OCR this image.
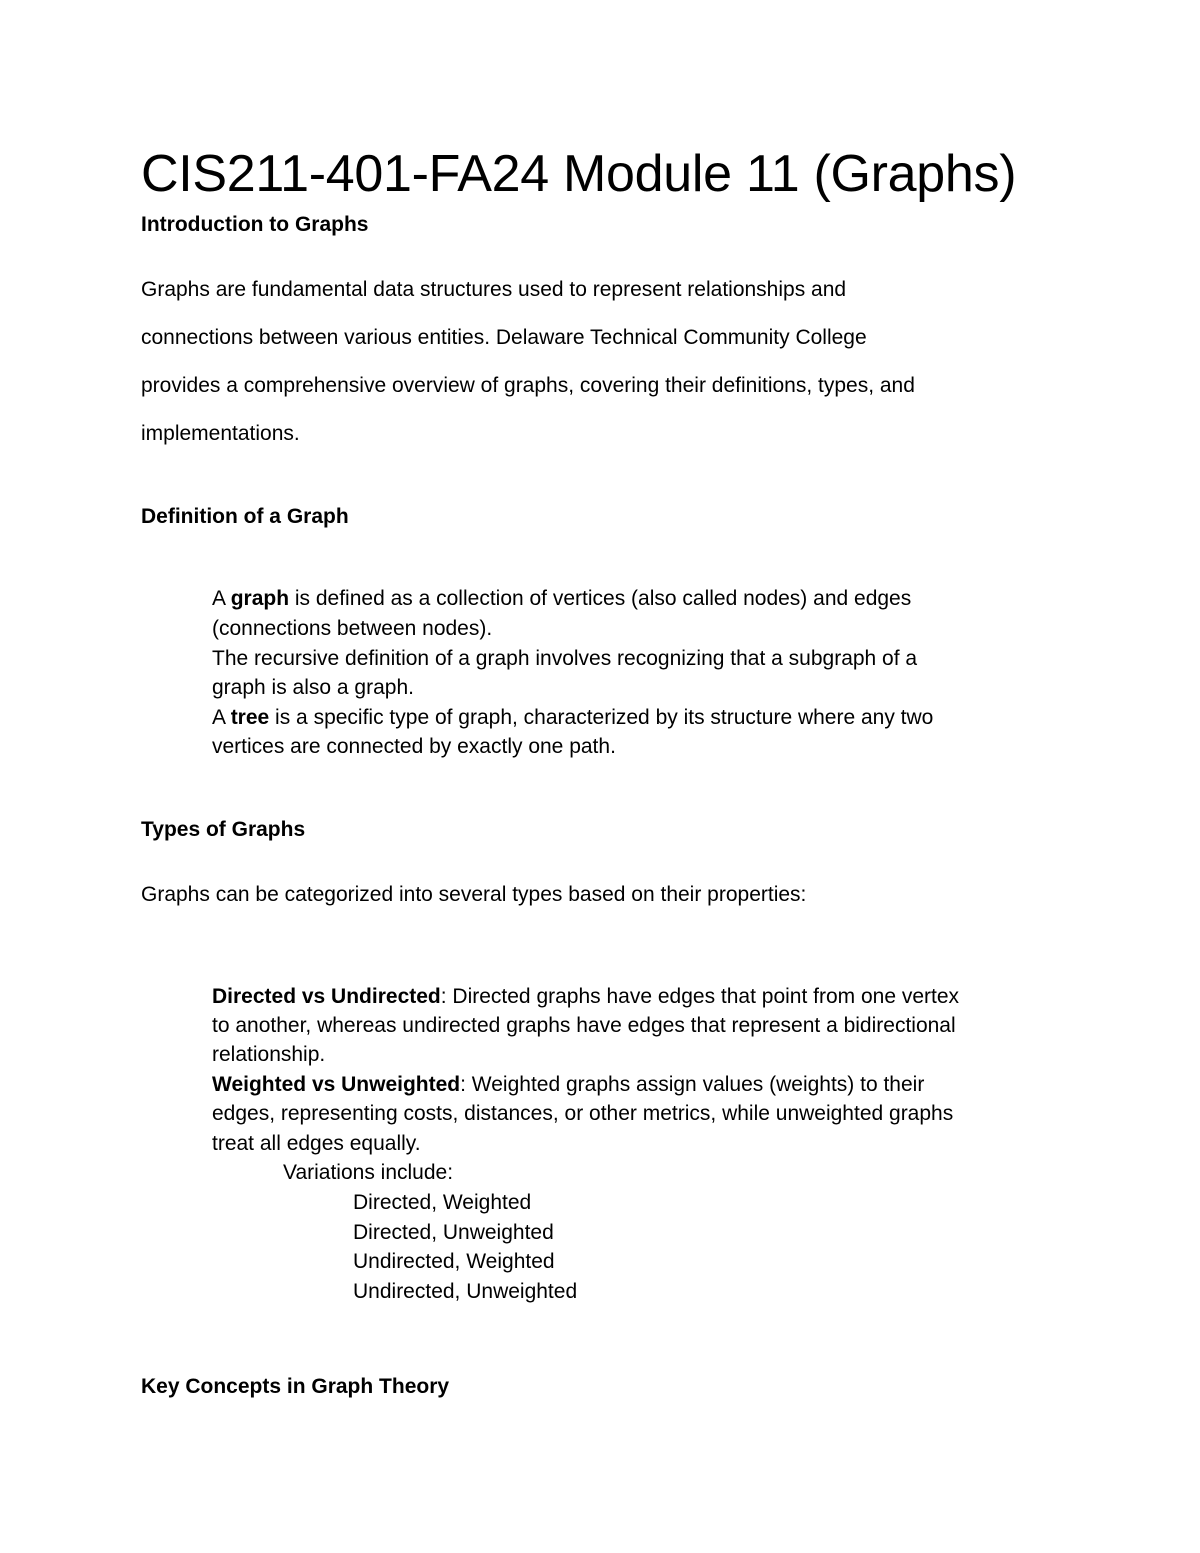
CIS211-401-FA24 Module 11 (Graphs)
Introduction to Graphs

Graphs are fundamental data structures used to represent relationships and

connections between various entities. Delaware Technical Community College

provides a comprehensive overview of graphs, covering their definitions, types, and

implementations.

Definition of a Graph

A graph is defined as a collection of vertices (also called nodes) and edges

(connections between nodes).

The recursive definition of a graph involves recognizing that a subgraph of a

graph is also a graph.

A tree is a specific type of graph, characterized by its structure where any two

vertices are connected by exactly one path.

Types of Graphs

Graphs can be categorized into several types based on their properties:

Directed vs Undirected: Directed graphs have edges that point from one vertex

to another, whereas undirected graphs have edges that represent a bidirectional

relationship.

Weighted vs Unweighted: Weighted graphs assign values (weights) to their

edges, representing costs, distances, or other metrics, while unweighted graphs

treat all edges equally.

Variations include:

Directed, Weighted

Directed, Unweighted

Undirected, Weighted

Undirected, Unweighted

Key Concepts in Graph Theory
